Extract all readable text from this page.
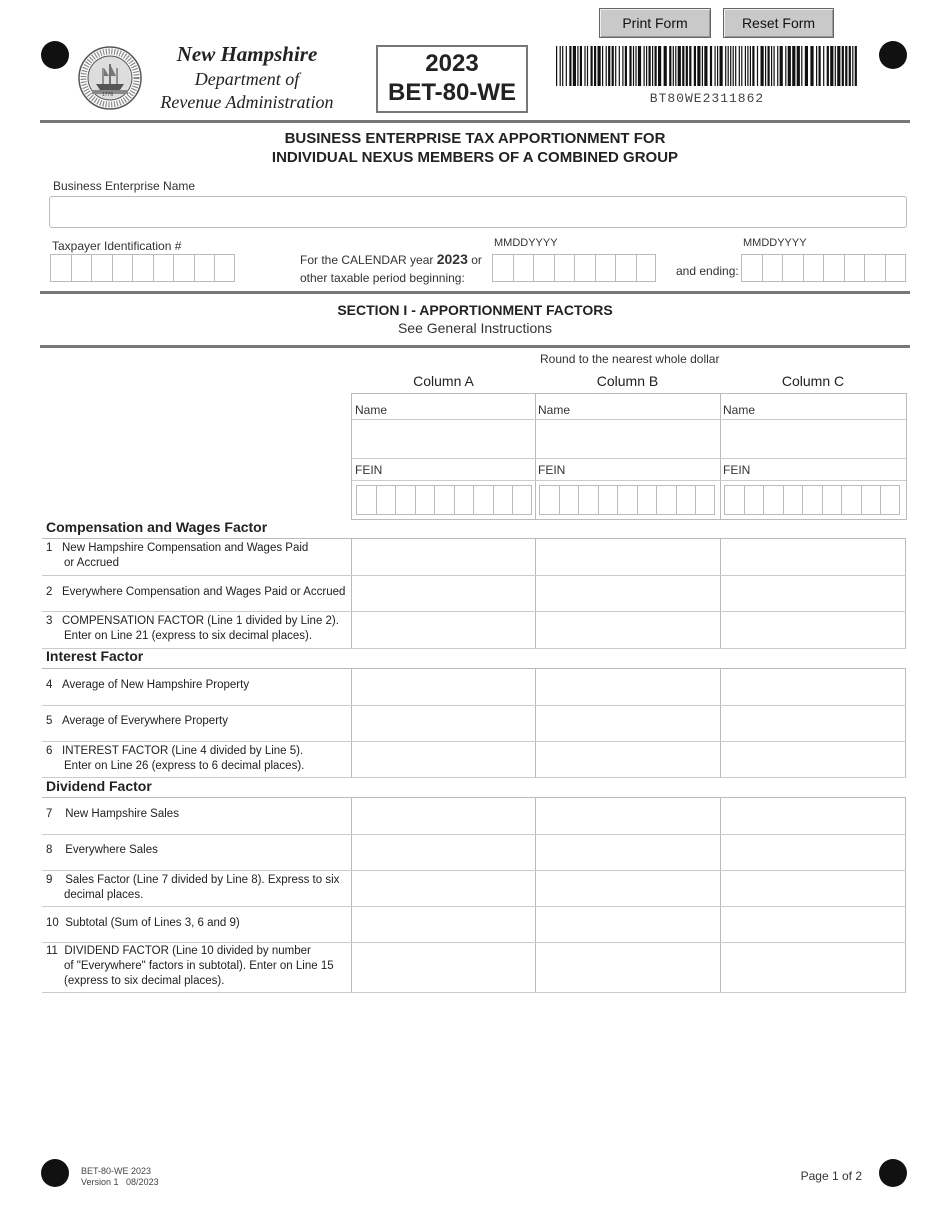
Print Form	Reset Form
1776
New Hampshire
Department of
Revenue Administration
2023
BET-80-WE	BT80WE2311862
BUSINESS ENTERPRISE TAX APPORTIONMENT FOR
INDIVIDUAL NEXUS MEMBERS OF A COMBINED GROUP
Business Enterprise Name
Taxpayer Identification #
For the CALENDAR year 2023 or
other taxable period beginning:
MMDDYYYY
and ending:
MMDDYYYY
SECTION I - APPORTIONMENT FACTORS
See General Instructions
Round to the nearest whole dollar
Column A	Column B	Column C
Name	Name	Name
FEIN	FEIN	FEIN
Compensation and Wages Factor
1 New Hampshire Compensation and Wages Paid
or Accrued
2 Everywhere Compensation and Wages Paid or Accrued
3 COMPENSATION FACTOR (Line 1 divided by Line 2).
Enter on Line 21 (express to six decimal places).
Interest Factor
4 Average of New Hampshire Property
5 Average of Everywhere Property
6 INTEREST FACTOR (Line 4 divided by Line 5).
Enter on Line 26 (express to 6 decimal places).
Dividend Factor
7 New Hampshire Sales
8 Everywhere Sales
9 Sales Factor (Line 7 divided by Line 8). Express to six
decimal places.
10 Subtotal (Sum of Lines 3, 6 and 9)
11 DIVIDEND FACTOR (Line 10 divided by number
of "Everywhere" factors in subtotal). Enter on Line 15
(express to six decimal places).
BET-80-WE 2023
Version 1 08/2023	Page 1 of 2
